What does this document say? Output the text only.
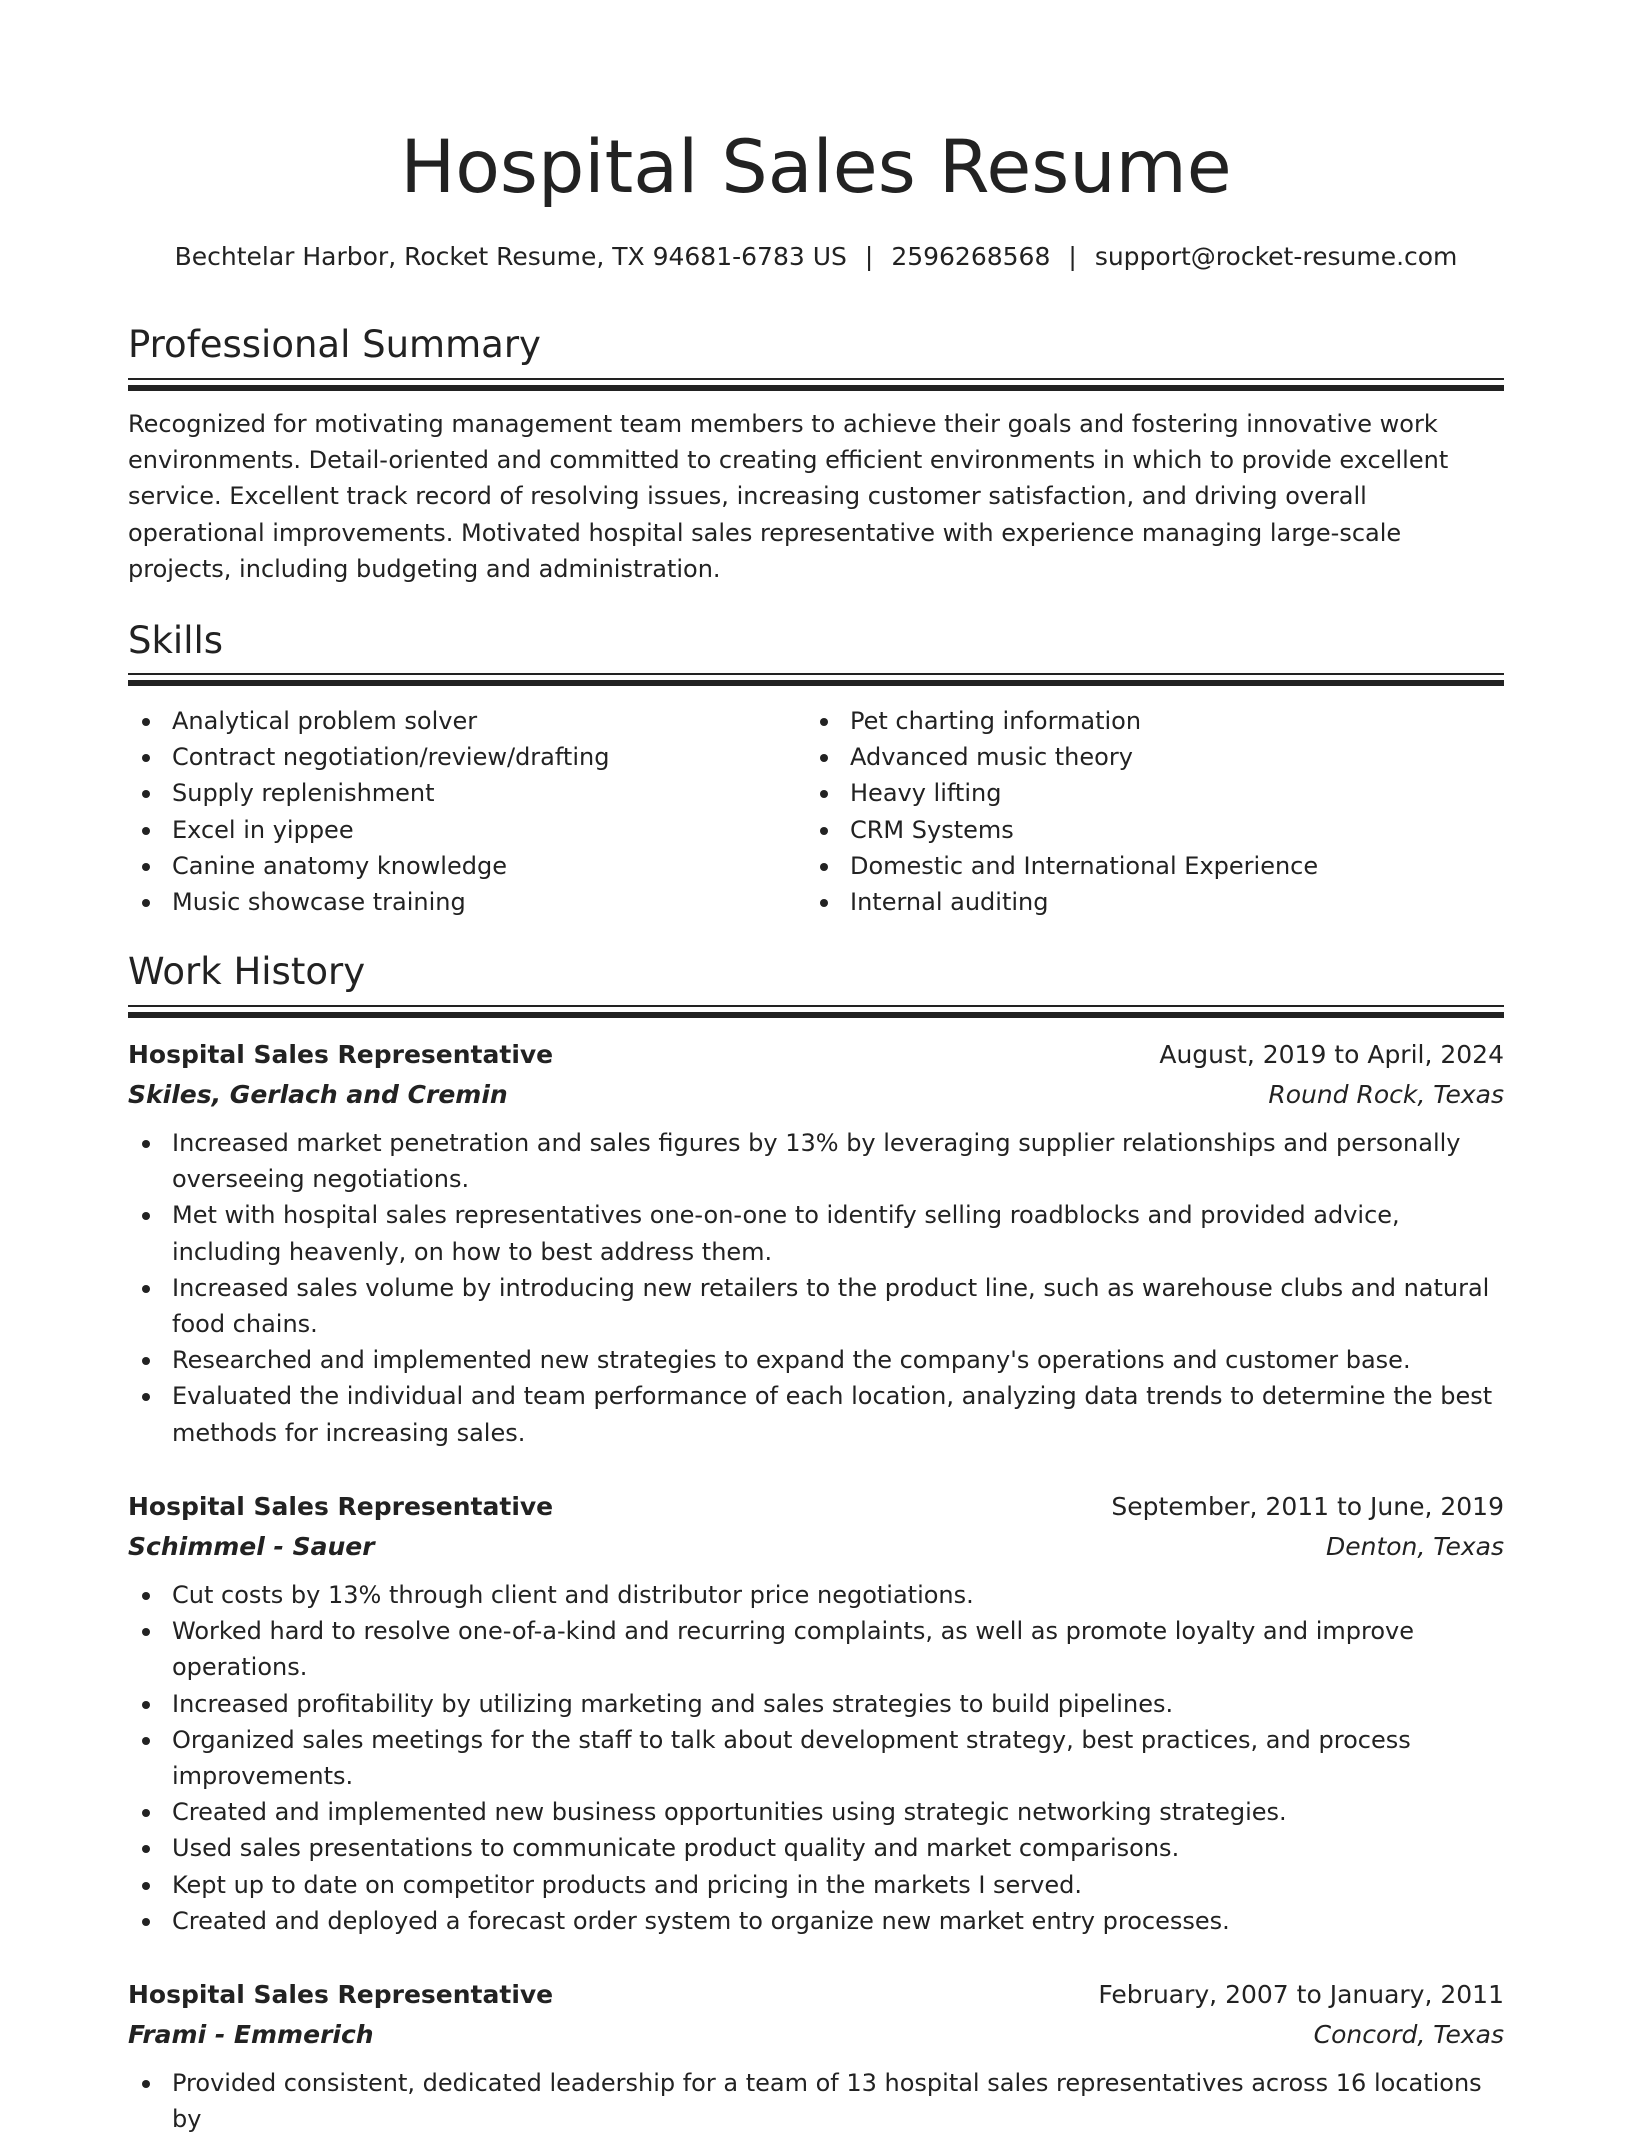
Hospital Sales Resume
Bechtelar Harbor, Rocket Resume, TX 94681-6783 US | 2596268568 | support@rocket-resume.com
Professional Summary

Recognized for motivating management team members to achieve their goals and fostering innovative work environments. Detail-oriented and committed to creating efficient environments in which to provide excellent service. Excellent track record of resolving issues, increasing customer satisfaction, and driving overall operational improvements. Motivated hospital sales representative with experience managing large-scale projects, including budgeting and administration.

Skills
Analytical problem solver
Contract negotiation/review/drafting
Supply replenishment
Excel in yippee
Canine anatomy knowledge
Music showcase training
Pet charting information
Advanced music theory
Heavy lifting
CRM Systems
Domestic and International Experience
Internal auditing
Work History
Hospital Sales Representative	August, 2019 to April, 2024
Skiles, Gerlach and Cremin	Round Rock, Texas
Increased market penetration and sales figures by 13% by leveraging supplier relationships and personally overseeing negotiations.
Met with hospital sales representatives one-on-one to identify selling roadblocks and provided advice, including heavenly, on how to best address them.
Increased sales volume by introducing new retailers to the product line, such as warehouse clubs and natural food chains.
Researched and implemented new strategies to expand the company's operations and customer base.
Evaluated the individual and team performance of each location, analyzing data trends to determine the best methods for increasing sales.
Hospital Sales Representative	September, 2011 to June, 2019
Schimmel - Sauer	Denton, Texas
Cut costs by 13% through client and distributor price negotiations.
Worked hard to resolve one-of-a-kind and recurring complaints, as well as promote loyalty and improve operations.
Increased profitability by utilizing marketing and sales strategies to build pipelines.
Organized sales meetings for the staff to talk about development strategy, best practices, and process improvements.
Created and implemented new business opportunities using strategic networking strategies.
Used sales presentations to communicate product quality and market comparisons.
Kept up to date on competitor products and pricing in the markets I served.
Created and deployed a forecast order system to organize new market entry processes.
Hospital Sales Representative	February, 2007 to January, 2011
Frami - Emmerich	Concord, Texas
Provided consistent, dedicated leadership for a team of 13 hospital sales representatives across 16 locations by
